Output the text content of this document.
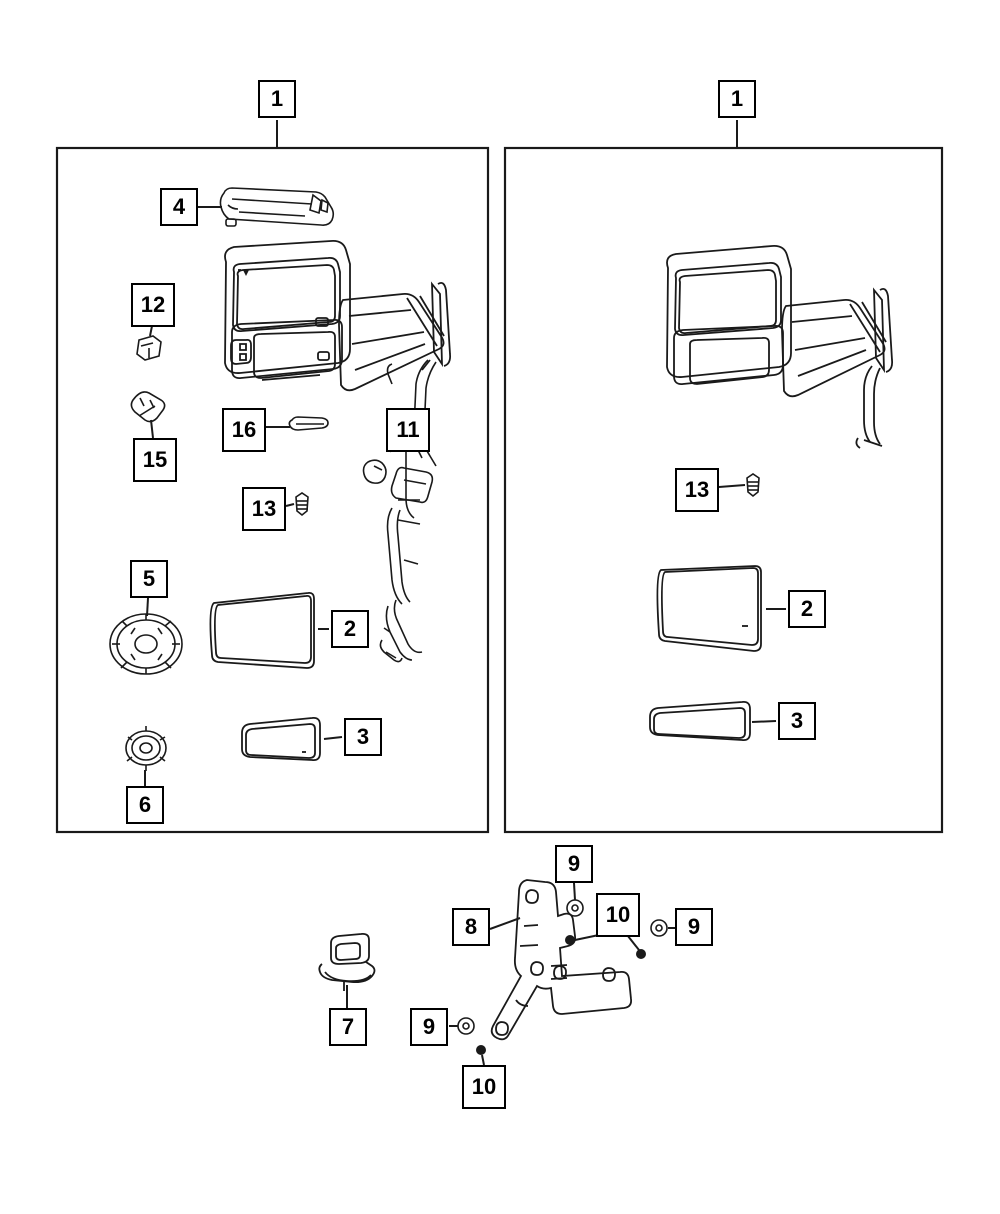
1	1
4
12
15
16	11
13
13
5
2
2
3
3
6
9
10	9
8
7	9
10
